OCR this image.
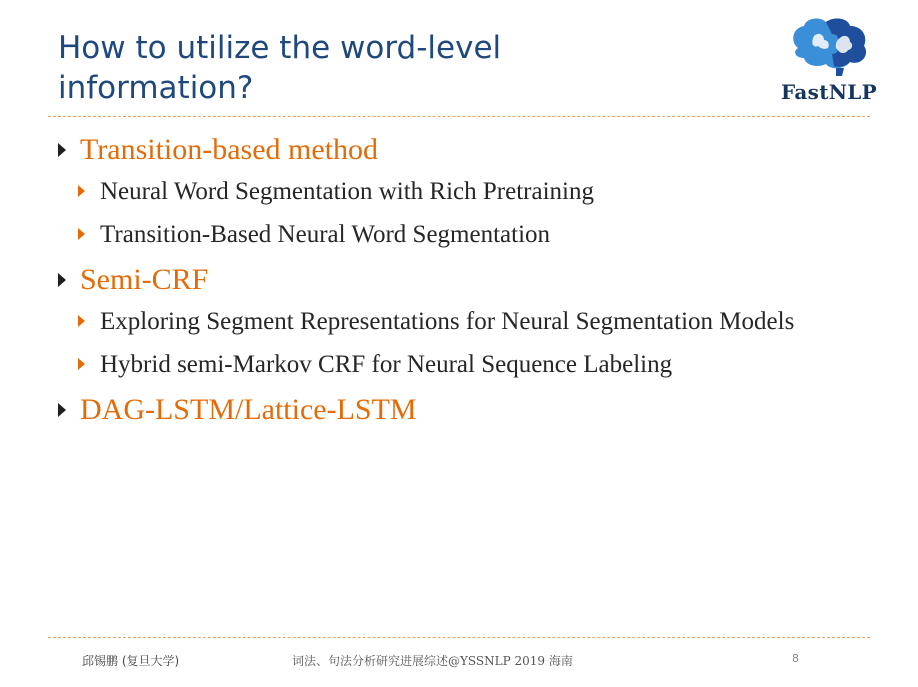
How to utilize the word-level information?	FastNLP
Transition-based method
Neural Word Segmentation with Rich Pretraining
Transition-Based Neural Word Segmentation
Semi-CRF
Exploring Segment Representations for Neural Segmentation Models
Hybrid semi-Markov CRF for Neural Sequence Labeling
DAG-LSTM/Lattice-LSTM
邱锡鹏 (复旦大学)	词法、句法分析研究进展综述@YSSNLP 2019 海南	8
